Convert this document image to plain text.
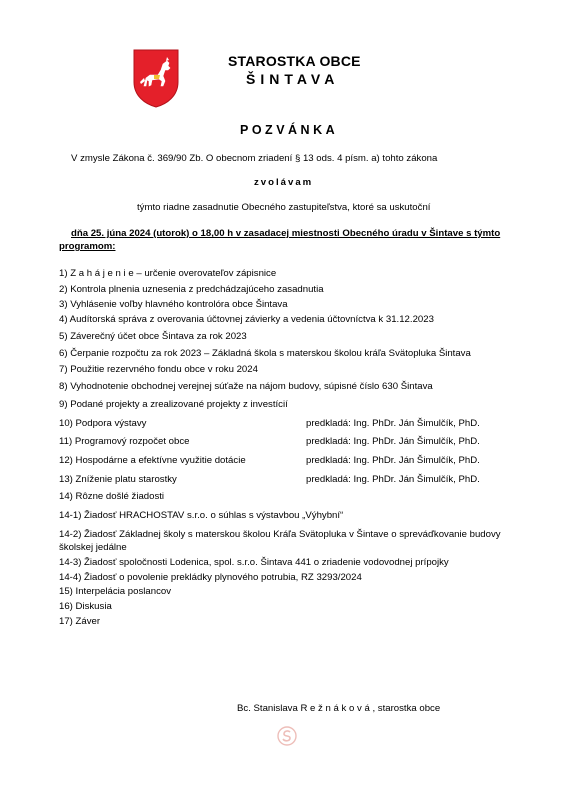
STAROSTKA OBCE
ŠINTAVA
POZVÁNKA
V zmysle Zákona č. 369/90 Zb. O obecnom zriadení § 13 ods. 4 písm. a) tohto zákona
zvolávam
týmto riadne zasadnutie Obecného zastupiteľstva, ktoré sa uskutoční
dňa 25. júna 2024 (utorok) o 18,00 h v zasadacej miestnosti Obecného úradu v Šintave s týmto
programom:
1) Z a h á j e n i e – určenie overovateľov zápisnice
2) Kontrola plnenia uznesenia z predchádzajúceho zasadnutia
3) Vyhlásenie voľby hlavného kontrolóra obce Šintava
4) Audítorská správa z overovania účtovnej závierky a vedenia účtovníctva k 31.12.2023
5) Záverečný účet obce Šintava za rok 2023
6) Čerpanie rozpočtu za rok 2023 – Základná škola s materskou školou kráľa Svätopluka Šintava
7) Použitie rezervného fondu obce v roku 2024
8) Vyhodnotenie obchodnej verejnej súťaže na nájom budovy, súpisné číslo 630 Šintava
9) Podané projekty a zrealizované projekty z investícií
10) Podpora výstavy	predkladá: Ing. PhDr. Ján Šimulčík, PhD.
11) Programový rozpočet obce	predkladá: Ing. PhDr. Ján Šimulčík, PhD.
12) Hospodárne a efektívne využitie dotácie	predkladá: Ing. PhDr. Ján Šimulčík, PhD.
13) Zníženie platu starostky	predkladá: Ing. PhDr. Ján Šimulčík, PhD.
14) Rôzne došlé žiadosti
14-1) Žiadosť HRACHOSTAV s.r.o. o súhlas s výstavbou „Výhybní“
14-2) Žiadosť Základnej školy s materskou školou Kráľa Svätopluka v Šintave o spreváďkovanie budovy
školskej jedálne
14-3) Žiadosť spoločnosti Lodenica, spol. s.r.o. Šintava 441 o zriadenie vodovodnej prípojky
14-4) Žiadosť o povolenie prekládky plynového potrubia, RZ 3293/2024
15) Interpelácia poslancov
16) Diskusia
17) Záver
Bc. Stanislava R e ž n á k o v á , starostka obce
